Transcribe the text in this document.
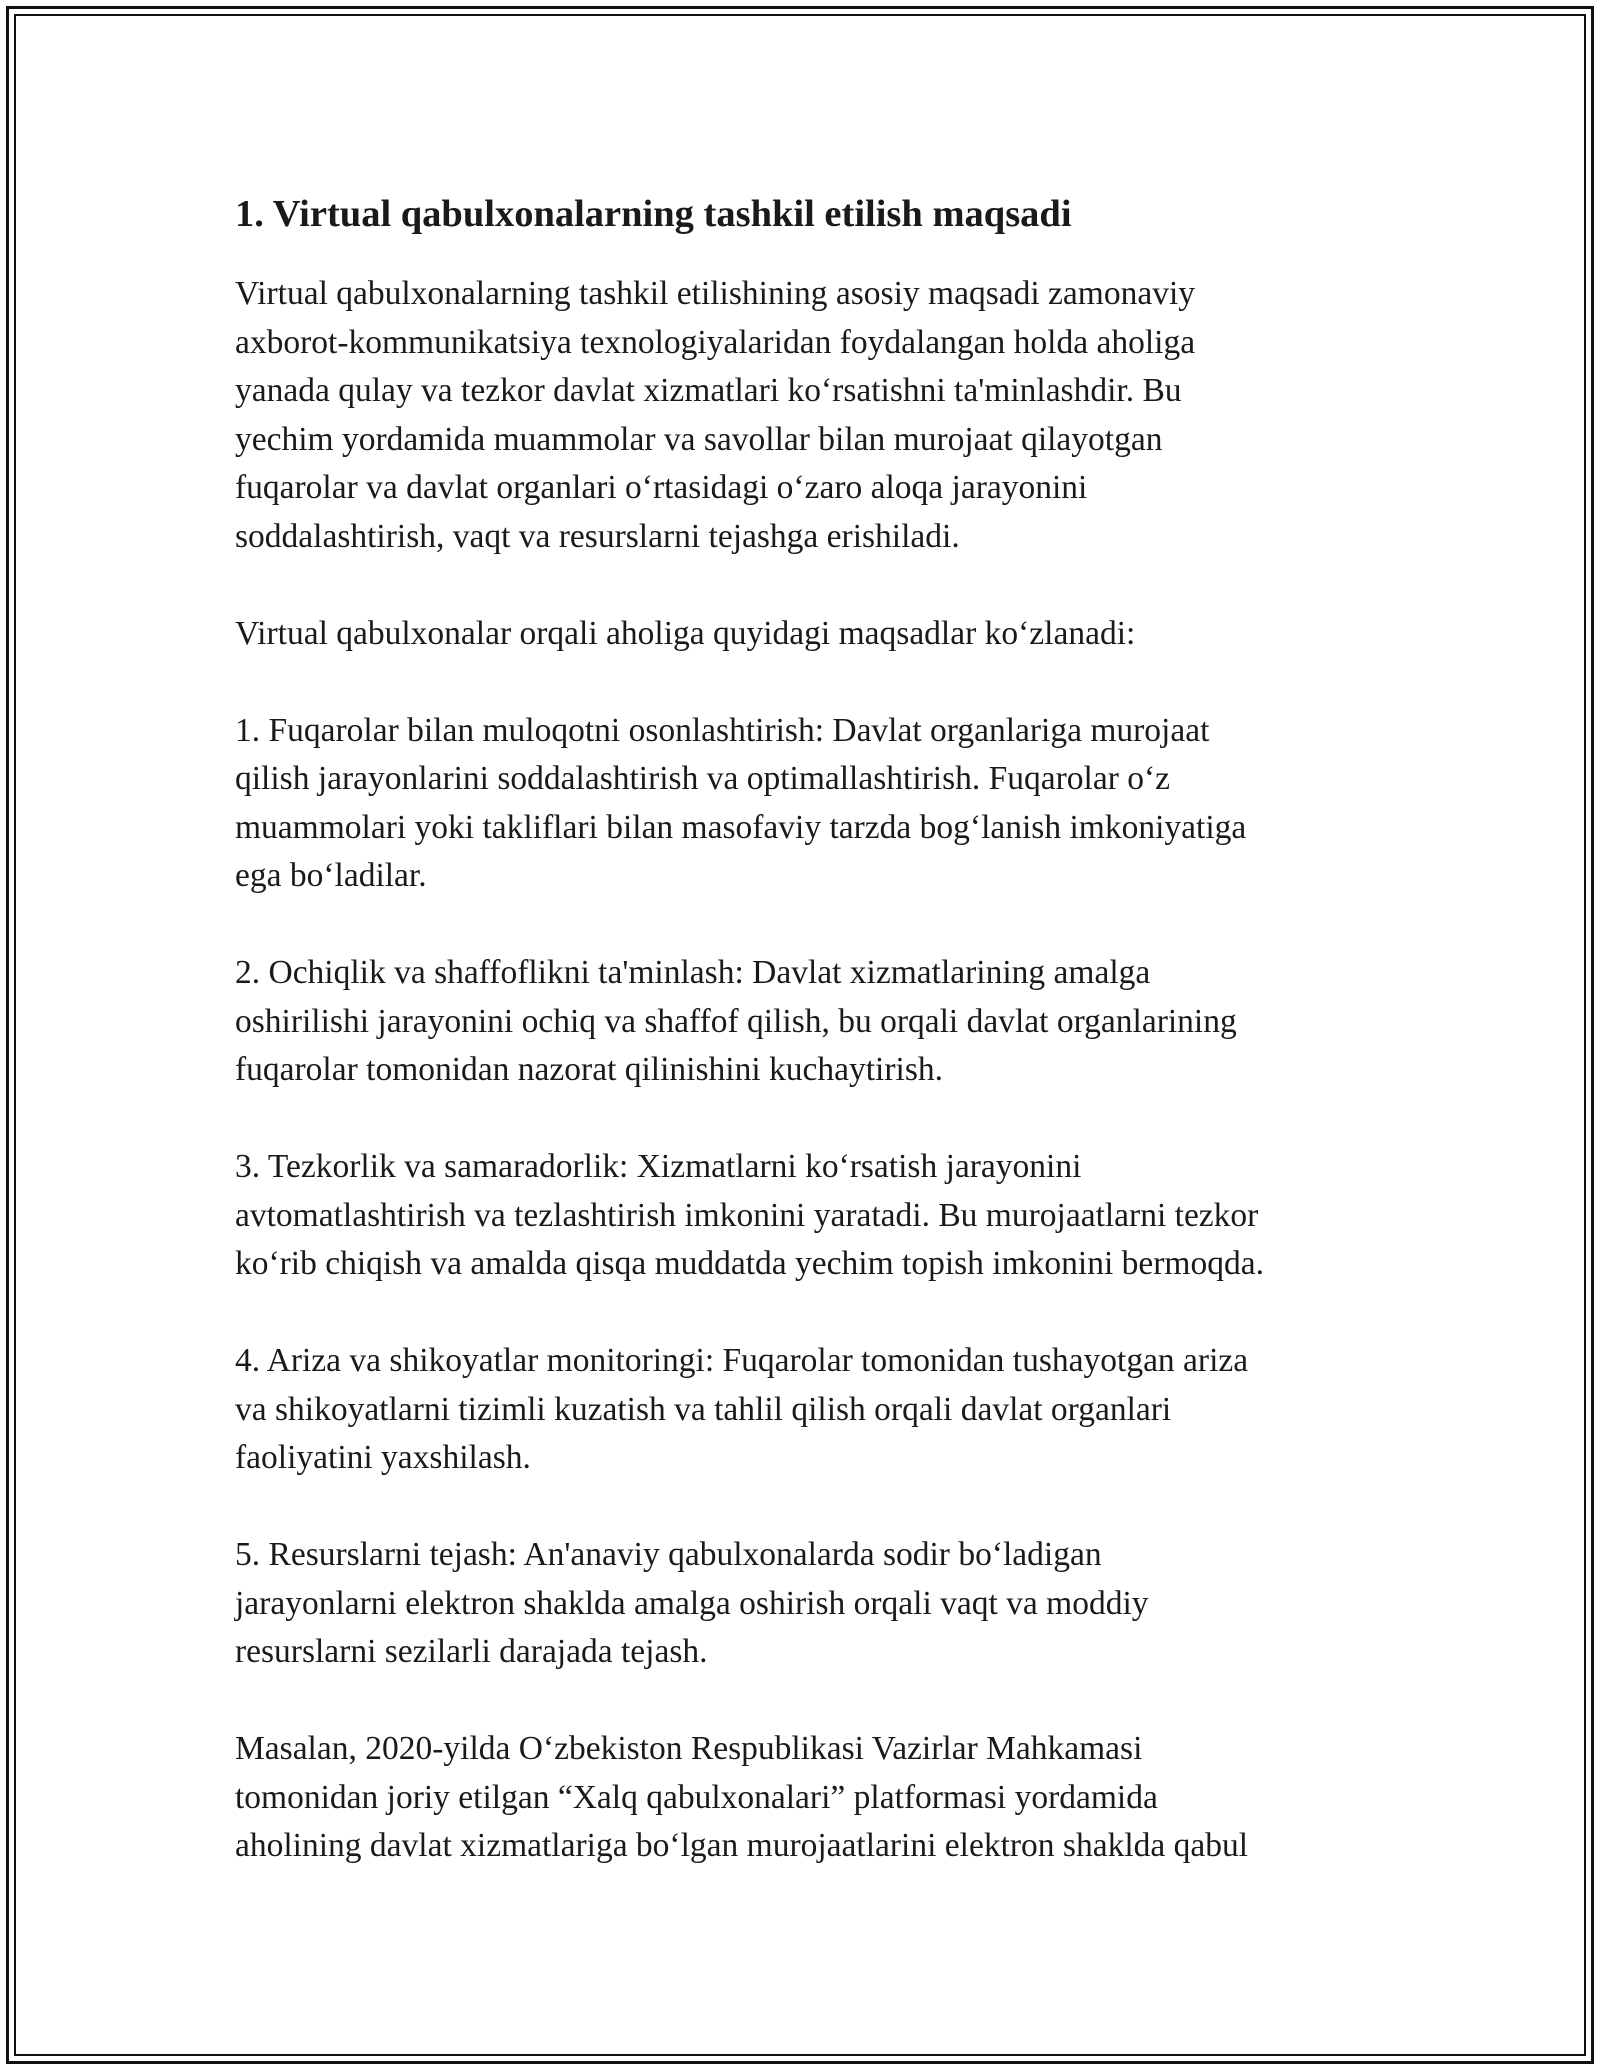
1. Virtual qabulxonalarning tashkil etilish maqsadi

Virtual qabulxonalarning tashkil etilishining asosiy maqsadi zamonaviy
axborot-kommunikatsiya texnologiyalaridan foydalangan holda aholiga
yanada qulay va tezkor davlat xizmatlari koʻrsatishni ta'minlashdir. Bu
yechim yordamida muammolar va savollar bilan murojaat qilayotgan
fuqarolar va davlat organlari oʻrtasidagi oʻzaro aloqa jarayonini
soddalashtirish, vaqt va resurslarni tejashga erishiladi.

Virtual qabulxonalar orqali aholiga quyidagi maqsadlar koʻzlanadi:

1. Fuqarolar bilan muloqotni osonlashtirish: Davlat organlariga murojaat
qilish jarayonlarini soddalashtirish va optimallashtirish. Fuqarolar oʻz
muammolari yoki takliflari bilan masofaviy tarzda bogʻlanish imkoniyatiga
ega boʻladilar.

2. Ochiqlik va shaffoflikni ta'minlash: Davlat xizmatlarining amalga
oshirilishi jarayonini ochiq va shaffof qilish, bu orqali davlat organlarining
fuqarolar tomonidan nazorat qilinishini kuchaytirish.

3. Tezkorlik va samaradorlik: Xizmatlarni koʻrsatish jarayonini
avtomatlashtirish va tezlashtirish imkonini yaratadi. Bu murojaatlarni tezkor
koʻrib chiqish va amalda qisqa muddatda yechim topish imkonini bermoqda.

4. Ariza va shikoyatlar monitoringi: Fuqarolar tomonidan tushayotgan ariza
va shikoyatlarni tizimli kuzatish va tahlil qilish orqali davlat organlari
faoliyatini yaxshilash.

5. Resurslarni tejash: An'anaviy qabulxonalarda sodir boʻladigan
jarayonlarni elektron shaklda amalga oshirish orqali vaqt va moddiy
resurslarni sezilarli darajada tejash.

Masalan, 2020-yilda Oʻzbekiston Respublikasi Vazirlar Mahkamasi
tomonidan joriy etilgan “Xalq qabulxonalari” platformasi yordamida
aholining davlat xizmatlariga boʻlgan murojaatlarini elektron shaklda qabul
